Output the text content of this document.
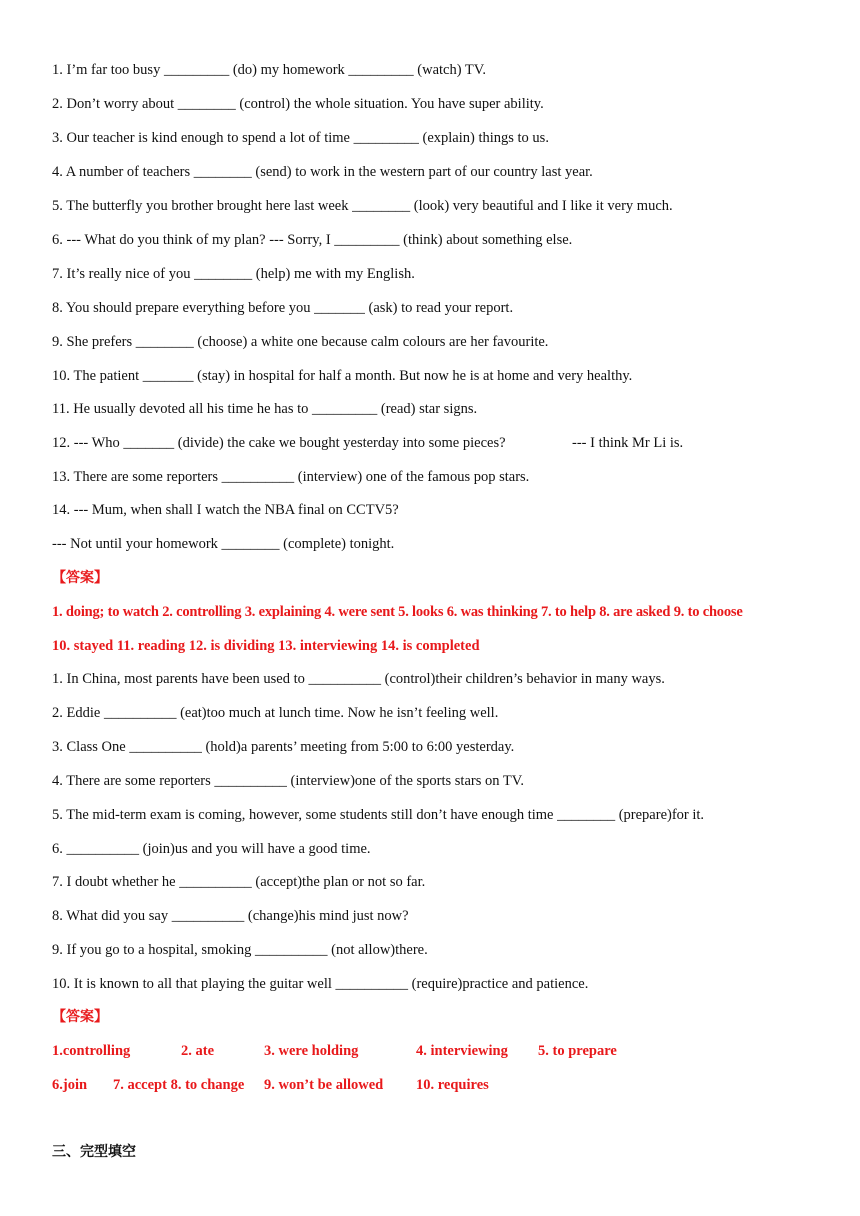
1. I’m far too busy _________ (do) my homework _________ (watch) TV.
2. Don’t worry about ________ (control) the whole situation. You have super ability.
3. Our teacher is kind enough to spend a lot of time _________ (explain) things to us.
4. A number of teachers ________ (send) to work in the western part of our country last year.
5. The butterfly you brother brought here last week ________ (look) very beautiful and I like it very much.
6. --- What do you think of my plan? --- Sorry, I _________ (think) about something else.
7. It’s really nice of you ________ (help) me with my English.
8. You should prepare everything before you _______ (ask) to read your report.
9. She prefers ________ (choose) a white one because calm colours are her favourite.
10. The patient _______ (stay) in hospital for half a month. But now he is at home and very healthy.
11. He usually devoted all his time he has to _________ (read) star signs.
12. --- Who _______ (divide) the cake we bought yesterday into some pieces?	--- I think Mr Li is.
13. There are some reporters __________ (interview) one of the famous pop stars.
14. --- Mum, when shall I watch the NBA final on CCTV5?
--- Not until your homework ________ (complete) tonight.
【答案】
1. doing; to watch 2. controlling 3. explaining 4. were sent 5. looks 6. was thinking 7. to help 8. are asked 9. to choose
10. stayed 11. reading 12. is dividing 13. interviewing 14. is completed
1. In China, most parents have been used to __________ (control)their children’s behavior in many ways.
2. Eddie __________ (eat)too much at lunch time. Now he isn’t feeling well.
3. Class One __________ (hold)a parents’ meeting from 5:00 to 6:00 yesterday.
4. There are some reporters __________ (interview)one of the sports stars on TV.
5. The mid-term exam is coming, however, some students still don’t have enough time ________ (prepare)for it.
6. __________ (join)us and you will have a good time.
7. I doubt whether he __________ (accept)the plan or not so far.
8. What did you say __________ (change)his mind just now?
9. If you go to a hospital, smoking __________ (not allow)there.
10. It is known to all that playing the guitar well __________ (require)practice and patience.
【答案】
1.controlling	2. ate	3. were holding	4. interviewing 5. to prepare
6.join 7. accept 8. to change 9. won’t be allowed 10. requires
三、完型填空
